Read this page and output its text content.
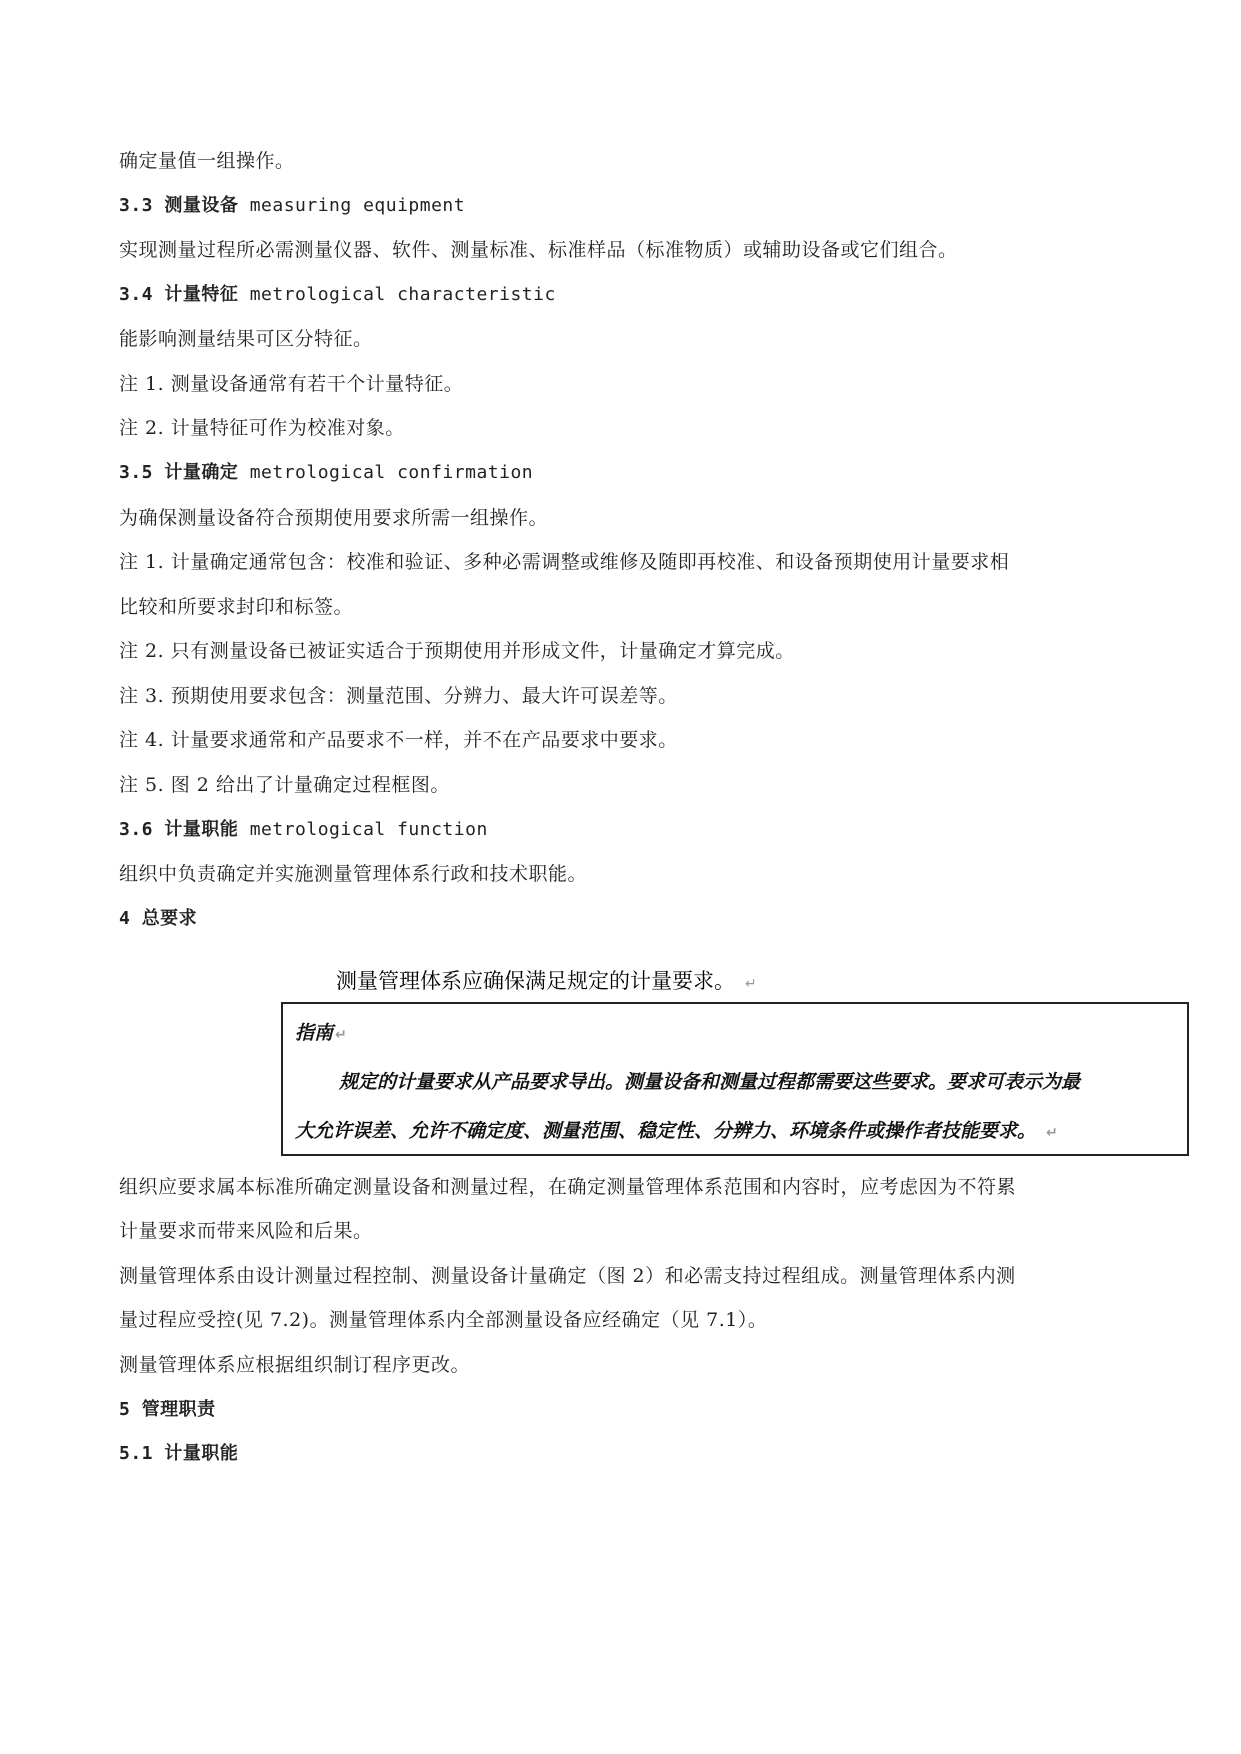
确定量值一组操作。
3.3 测量设备 measuring equipment
实现测量过程所必需测量仪器、软件、测量标准、标准样品（标准物质）或辅助设备或它们组合。
3.4 计量特征 metrological characteristic
能影响测量结果可区分特征。
注 1. 测量设备通常有若干个计量特征。
注 2. 计量特征可作为校准对象。
3.5 计量确定 metrological confirmation
为确保测量设备符合预期使用要求所需一组操作。
注 1. 计量确定通常包含：校准和验证、多种必需调整或维修及随即再校准、和设备预期使用计量要求相
比较和所要求封印和标签。
注 2. 只有测量设备已被证实适合于预期使用并形成文件，计量确定才算完成。
注 3. 预期使用要求包含：测量范围、分辨力、最大许可误差等。
注 4. 计量要求通常和产品要求不一样，并不在产品要求中要求。
注 5. 图 2 给出了计量确定过程框图。
3.6 计量职能 metrological function
组织中负责确定并实施测量管理体系行政和技术职能。
4 总要求
测量管理体系应确保满足规定的计量要求。 ↵
指南 ↵
规定的计量要求从产品要求导出。测量设备和测量过程都需要这些要求。要求可表示为最
大允许误差、允许不确定度、测量范围、稳定性、分辨力、环境条件或操作者技能要求。 ↵
组织应要求属本标准所确定测量设备和测量过程，在确定测量管理体系范围和内容时，应考虑因为不符累
计量要求而带来风险和后果。
测量管理体系由设计测量过程控制、测量设备计量确定（图 2）和必需支持过程组成。测量管理体系内测
量过程应受控(见 7.2)。测量管理体系内全部测量设备应经确定（见 7.1）。
测量管理体系应根据组织制订程序更改。
5 管理职责
5.1 计量职能
